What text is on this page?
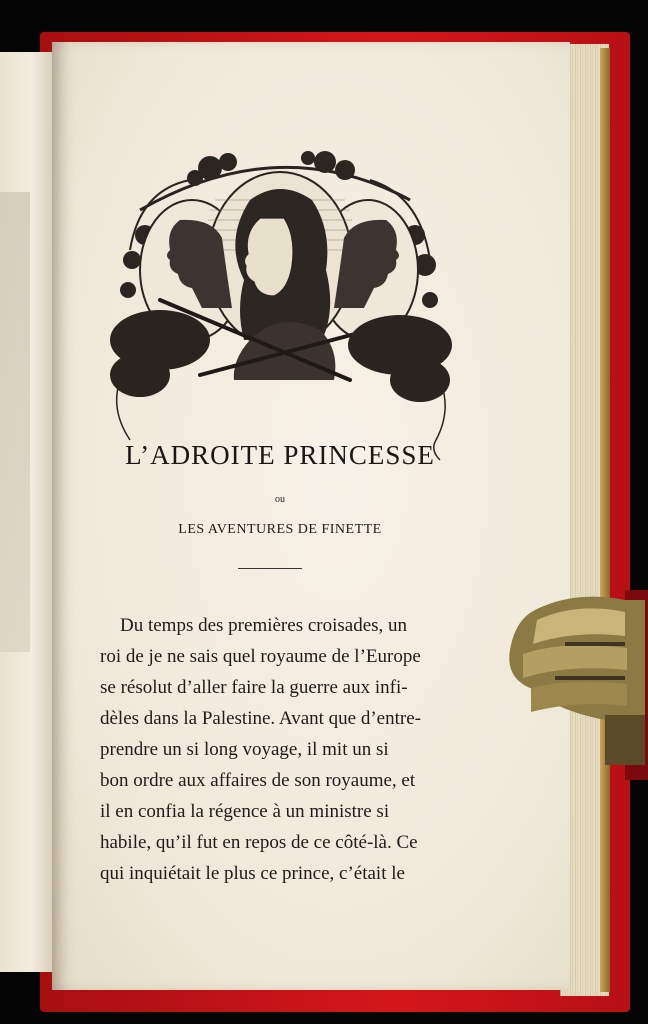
L’ADROITE PRINCESSE
ou
LES AVENTURES DE FINETTE
Du temps des premières croisades, un
roi de je ne sais quel royaume de l’Europe
se résolut d’aller faire la guerre aux infi-
dèles dans la Palestine. Avant que d’entre-
prendre un si long voyage, il mit un si
bon ordre aux affaires de son royaume, et
il en confia la régence à un ministre si
habile, qu’il fut en repos de ce côté-là. Ce
qui inquiétait le plus ce prince, c’était le
